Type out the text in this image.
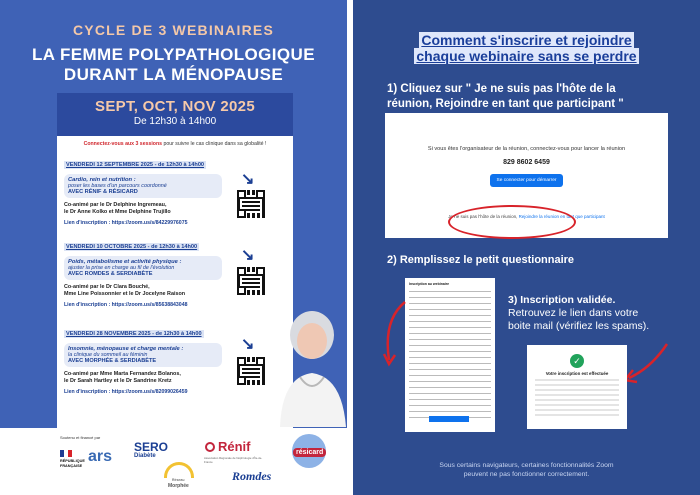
CYCLE DE 3 WEBINAIRES
LA FEMME POLYPATHOLOGIQUE
DURANT LA MÉNOPAUSE
SEPT, OCT, NOV 2025
De 12h30 à 14h00
Connectez-vous aux 3 sessions pour suivre le cas clinique dans sa globalité !
VENDREDI 12 SEPTEMBRE 2025 - de 12h30 à 14h00
Cardio, rein et nutrition :
poser les bases d'un parcours coordonné
AVEC RÉNIF & RÉSICARD
Co-animé par le Dr Delphine Ingremeau,
le Dr Anne Kolko et Mme Delphine Trujillo
Lien d'inscription : https://zoom.us/s/84229976075
↘
VENDREDI 10 OCTOBRE 2025 - de 12h30 à 14h00
Poids, métabolisme et activité physique :
ajuster la prise en charge au fil de l'évolution
AVEC ROMDES & SERDIABÈTE
Co-animé par le Dr Clara Bouché,
Mme Line Poissonnier et le Dr Jocelyne Raison
Lien d'inscription : https://zoom.us/s/85638843048
↘
VENDREDI 28 NOVEMBRE 2025 - de 12h30 à 14h00
Insomnie, ménopause et charge mentale :
la clinique du sommeil au féminin
AVEC MORPHÉE & SERDIABÈTE
Co-animé par Mme Marta Fernandez Bolanos,
le Dr Sarah Hartley et le Dr Sandrine Kretz
Lien d'inscription : https://zoom.us/s/82099026459
↘
Soutenu et financé par
RÉPUBLIQUE
FRANÇAISE
ars
SERO
Diabète
Réseau
Morphée
Rénif
Association Régionale de Néphrologie d'Île-de-France
Romdes
résicard
Comment s'inscrire et rejoindre
chaque webinaire sans se perdre
1) Cliquez sur " Je ne suis pas l'hôte de la
réunion, Rejoindre en tant que participant "
Si vous êtes l'organisateur de la réunion, connectez-vous pour lancer la réunion
829 8602 6459
Se connecter pour démarrer
Je ne suis pas l'hôte de la réunion, Rejoindre la réunion en tant que participant
2) Remplissez le petit questionnaire
Inscription au webinaire
3) Inscription validée.
Retrouvez le lien dans votre
boite mail (vérifiez les spams).
✓
Votre inscription est effectuée
Sous certains navigateurs, certaines fonctionnalités Zoom
peuvent ne pas fonctionner correctement.
